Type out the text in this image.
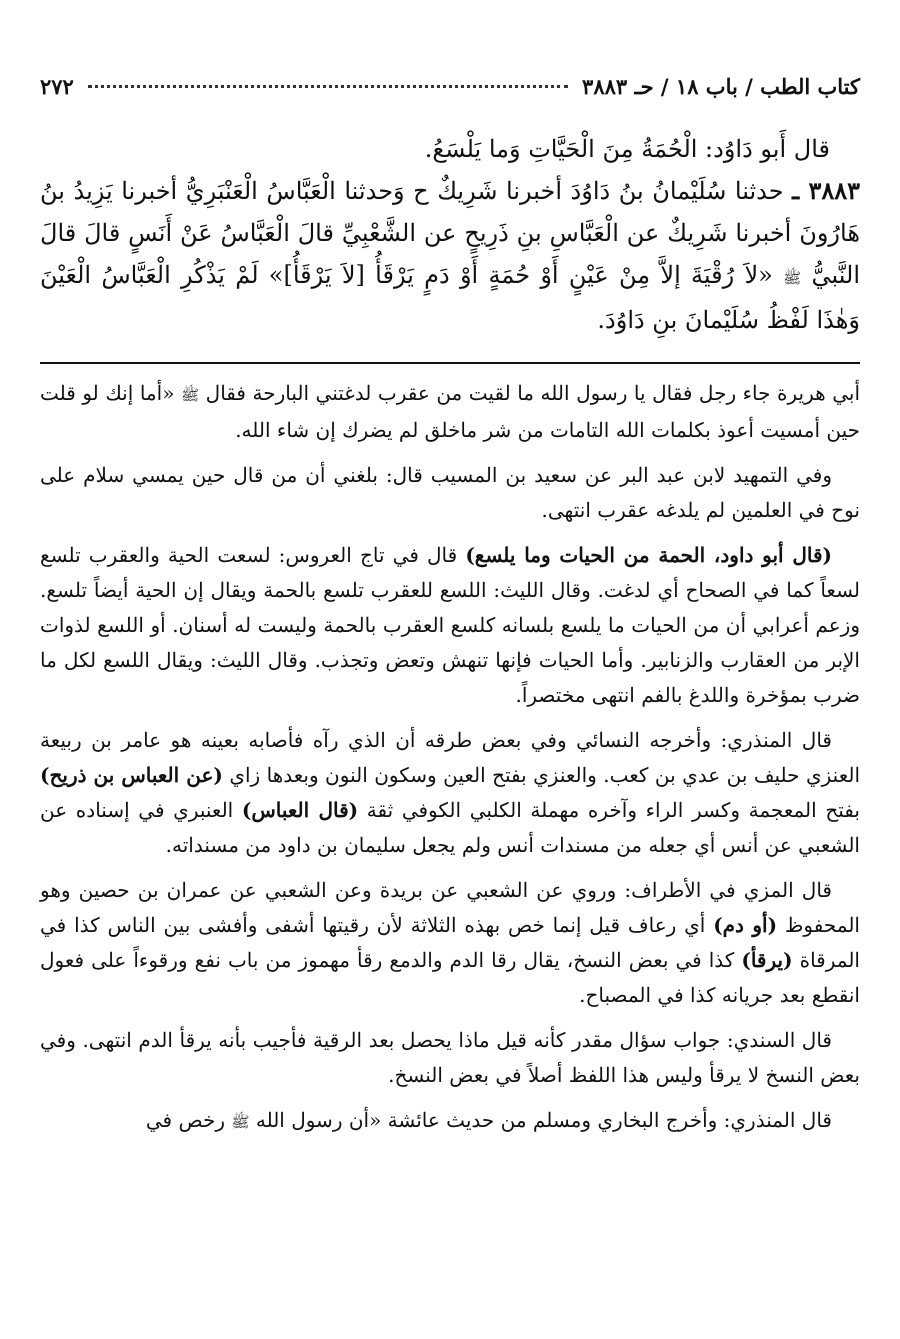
٢٧٢	كتاب الطب / باب ١٨ / حـ ٣٨٨٣

قال أَبو دَاوُد: الْحُمَةُ مِنَ الْحَيَّاتِ وَما يَلْسَعُ.

٣٨٨٣ ـ حدثنا سُلَيْمانُ بنُ دَاوُدَ أخبرنا شَرِيكٌ ح وَحدثنا الْعَبَّاسُ الْعَنْبَرِيُّ أخبرنا يَزِيدُ بنُ هَارُونَ أخبرنا شَرِيكٌ عن الْعَبَّاسِ بنِ ذَرِيحٍ عن الشَّعْبِيِّ قالَ الْعَبَّاسُ عَنْ أَنَسٍ قالَ قالَ النَّبيُّ ﷺ «لاَ رُقْيَةَ إلاَّ مِنْ عَيْنٍ أَوْ حُمَةٍ أَوْ دَمٍ يَرْقَأُ [لاَ يَرْقَأُ]» لَمْ يَذْكُرِ الْعَبَّاسُ الْعَيْنَ وَهٰذَا لَفْظُ سُلَيْمانَ بنِ دَاوُدَ.

أبي هريرة جاء رجل فقال يا رسول الله ما لقيت من عقرب لدغتني البارحة فقال ﷺ «أما إنك لو قلت حين أمسيت أعوذ بكلمات الله التامات من شر ماخلق لم يضرك إن شاء الله.

وفي التمهيد لابن عبد البر عن سعيد بن المسيب قال: بلغني أن من قال حين يمسي سلام على نوح في العلمين لم يلدغه عقرب انتهى.

(قال أبو داود، الحمة من الحيات وما يلسع) قال في تاج العروس: لسعت الحية والعقرب تلسع لسعاً كما في الصحاح أي لدغت. وقال الليث: اللسع للعقرب تلسع بالحمة ويقال إن الحية أيضاً تلسع. وزعم أعرابي أن من الحيات ما يلسع بلسانه كلسع العقرب بالحمة وليست له أسنان. أو اللسع لذوات الإبر من العقارب والزنابير. وأما الحيات فإنها تنهش وتعض وتجذب. وقال الليث: ويقال اللسع لكل ما ضرب بمؤخرة واللدغ بالفم انتهى مختصراً.

قال المنذري: وأخرجه النسائي وفي بعض طرقه أن الذي رآه فأصابه بعينه هو عامر بن ربيعة العنزي حليف بن عدي بن كعب. والعنزي بفتح العين وسكون النون وبعدها زاي (عن العباس بن ذريح) بفتح المعجمة وكسر الراء وآخره مهملة الكلبي الكوفي ثقة (قال العباس) العنبري في إسناده عن الشعبي عن أنس أي جعله من مسندات أنس ولم يجعل سليمان بن داود من مسنداته.

قال المزي في الأطراف: وروي عن الشعبي عن بريدة وعن الشعبي عن عمران بن حصين وهو المحفوظ (أو دم) أي رعاف قيل إنما خص بهذه الثلاثة لأن رقيتها أشفى وأفشى بين الناس كذا في المرقاة (يرقأ) كذا في بعض النسخ، يقال رقا الدم والدمع رقأ مهموز من باب نفع ورقوءاً على فعول انقطع بعد جريانه كذا في المصباح.

قال السندي: جواب سؤال مقدر كأنه قيل ماذا يحصل بعد الرقية فأجيب بأنه يرقأ الدم انتهى. وفي بعض النسخ لا يرقأ وليس هذا اللفظ أصلاً في بعض النسخ.

قال المنذري: وأخرج البخاري ومسلم من حديث عائشة «أن رسول الله ﷺ رخص في
